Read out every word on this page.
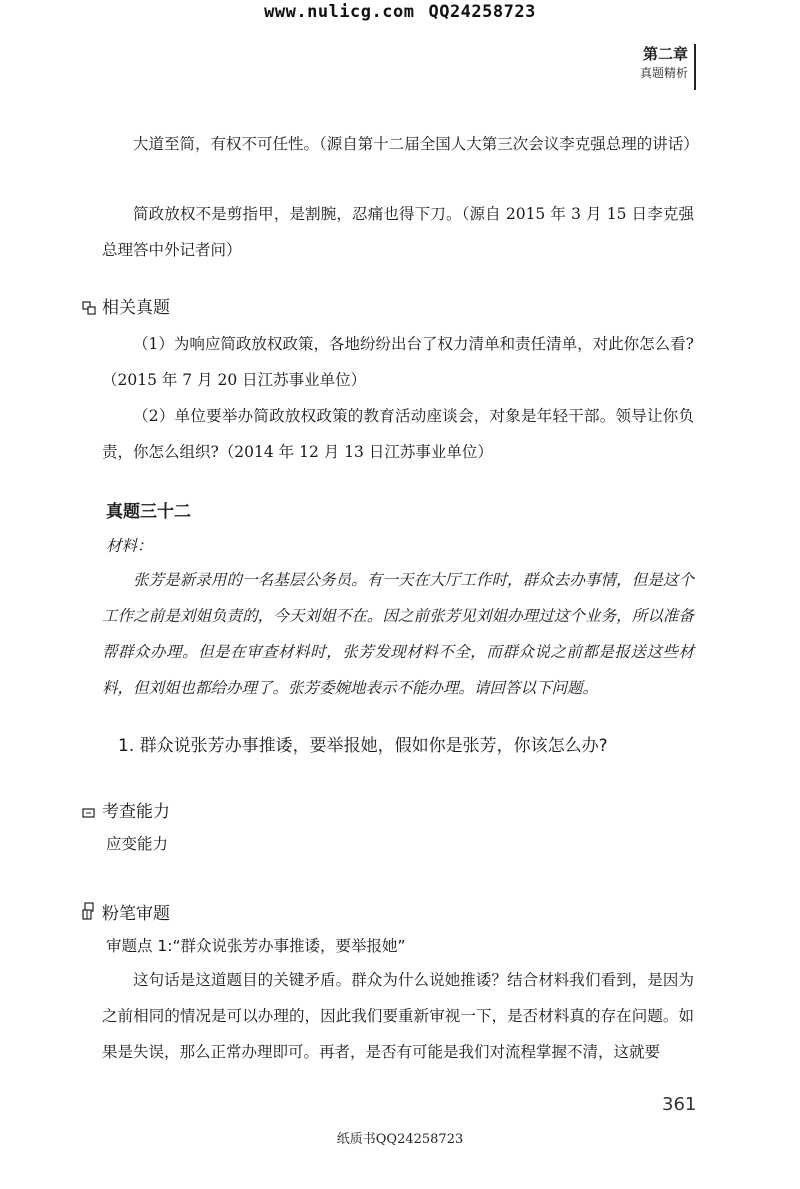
www.nulicg.com QQ24258723
第二章
真题精析

大道至简，有权不可任性。（源自第十二届全国人大第三次会议李克强总理的讲话）

简政放权不是剪指甲，是割腕，忍痛也得下刀。（源自 2015 年 3 月 15 日李克强总理答中外记者问）

相关真题

（1）为响应简政放权政策，各地纷纷出台了权力清单和责任清单，对此你怎么看?（2015 年 7 月 20 日江苏事业单位）

（2）单位要举办简政放权政策的教育活动座谈会，对象是年轻干部。领导让你负责，你怎么组织?（2014 年 12 月 13 日江苏事业单位）

真题三十二
材料：

张芳是新录用的一名基层公务员。有一天在大厅工作时，群众去办事情，但是这个工作之前是刘姐负责的，今天刘姐不在。因之前张芳见刘姐办理过这个业务，所以准备帮群众办理。但是在审查材料时，张芳发现材料不全，而群众说之前都是报送这些材料，但刘姐也都给办理了。张芳委婉地表示不能办理。请回答以下问题。

1. 群众说张芳办事推诿，要举报她，假如你是张芳，你该怎么办?
考查能力
应变能力
粉笔审题
审题点 1:“群众说张芳办事推诿，要举报她”

这句话是这道题目的关键矛盾。群众为什么说她推诿？结合材料我们看到，是因为之前相同的情况是可以办理的，因此我们要重新审视一下，是否材料真的存在问题。如果是失误，那么正常办理即可。再者，是否有可能是我们对流程掌握不清，这就要

361
纸质书QQ24258723
